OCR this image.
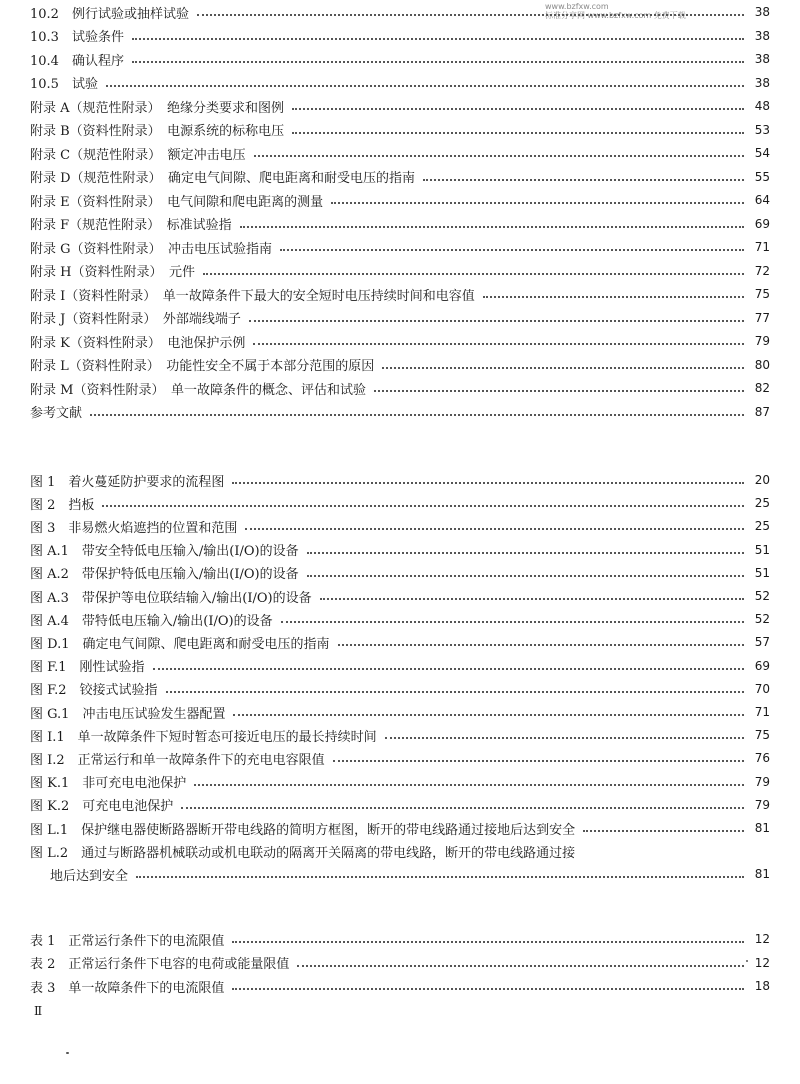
www.bzfxw.com
标准分享网 www.bzfxw.com 免费下载
10.2　例行试验或抽样试验	38
10.3　试验条件	38
10.4　确认程序	38
10.5　试验	38
附录 A（规范性附录）　绝缘分类要求和图例	48
附录 B（资料性附录）　电源系统的标称电压	53
附录 C（规范性附录）　额定冲击电压	54
附录 D（规范性附录）　确定电气间隙、爬电距离和耐受电压的指南	55
附录 E（资料性附录）　电气间隙和爬电距离的测量	64
附录 F（规范性附录）　标准试验指	69
附录 G（资料性附录）　冲击电压试验指南	71
附录 H（资料性附录）　元件	72
附录 I（资料性附录）　单一故障条件下最大的安全短时电压持续时间和电容值	75
附录 J（资料性附录）　外部端线端子	77
附录 K（资料性附录）　电池保护示例	79
附录 L（资料性附录）　功能性安全不属于本部分范围的原因	80
附录 M（资料性附录）　单一故障条件的概念、评估和试验	82
参考文献	87
图 1　着火蔓延防护要求的流程图	20
图 2　挡板	25
图 3　非易燃火焰遮挡的位置和范围	25
图 A.1　带安全特低电压输入/输出(I/O)的设备	51
图 A.2　带保护特低电压输入/输出(I/O)的设备	51
图 A.3　带保护等电位联结输入/输出(I/O)的设备	52
图 A.4　带特低电压输入/输出(I/O)的设备	52
图 D.1　确定电气间隙、爬电距离和耐受电压的指南	57
图 F.1　刚性试验指	69
图 F.2　铰接式试验指	70
图 G.1　冲击电压试验发生器配置	71
图 I.1　单一故障条件下短时暂态可接近电压的最长持续时间	75
图 I.2　正常运行和单一故障条件下的充电电容限值	76
图 K.1　非可充电电池保护	79
图 K.2　可充电电池保护	79
图 L.1　保护继电器使断路器断开带电线路的简明方框图，断开的带电线路通过接地后达到安全	81
图 L.2　通过与断路器机械联动或机电联动的隔离开关隔离的带电线路，断开的带电线路通过接
地后达到安全	81
表 1　正常运行条件下的电流限值	12
表 2　正常运行条件下电容的电荷或能量限值	12
表 3　单一故障条件下的电流限值	18
Ⅱ
